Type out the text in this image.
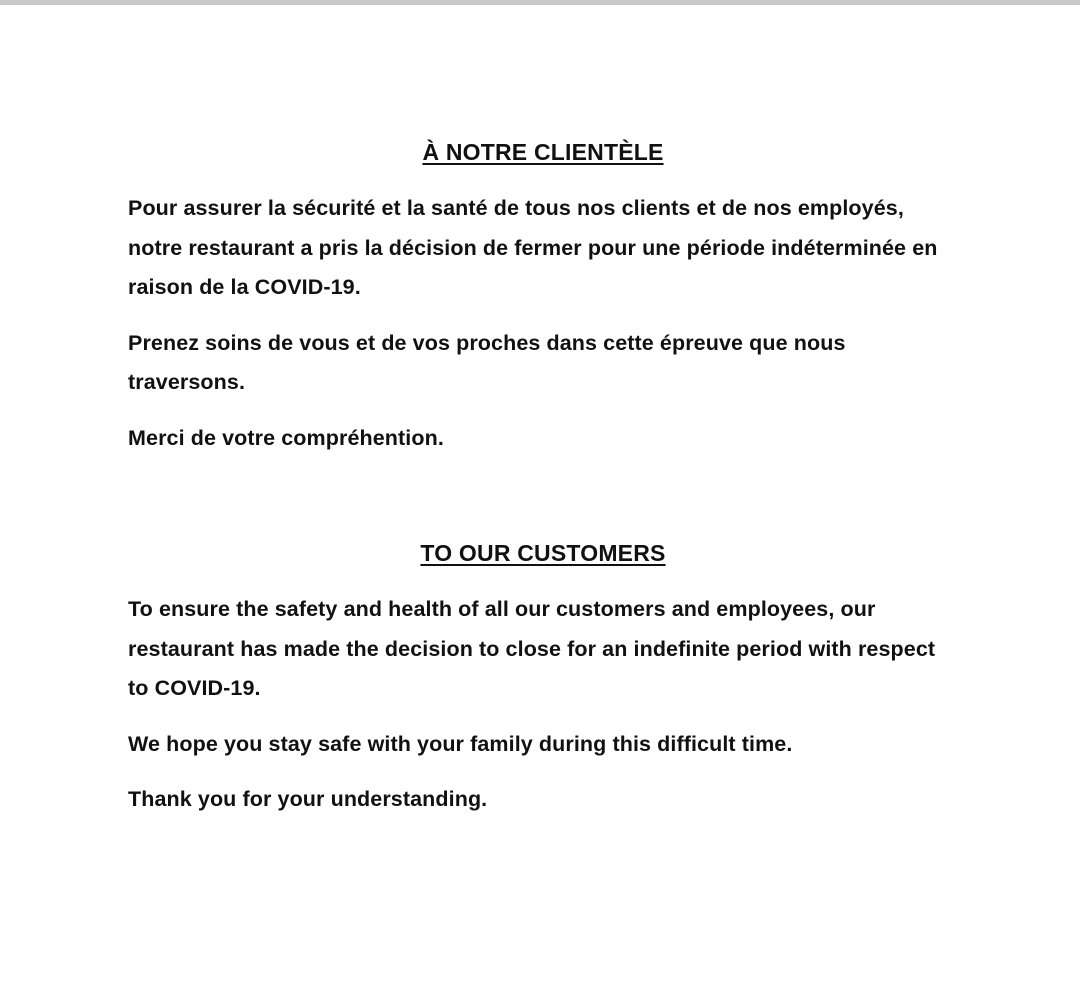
À NOTRE CLIENTÈLE

Pour assurer la sécurité et la santé de tous nos clients et de nos employés, notre restaurant a pris la décision de fermer pour une période indéterminée en raison de la COVID-19.

Prenez soins de vous et de vos proches dans cette épreuve que nous traversons.

Merci de votre compréhention.

TO OUR CUSTOMERS

To ensure the safety and health of all our customers and employees, our restaurant has made the decision to close for an indefinite period with respect to COVID-19.

We hope you stay safe with your family during this difficult time.

Thank you for your understanding.
